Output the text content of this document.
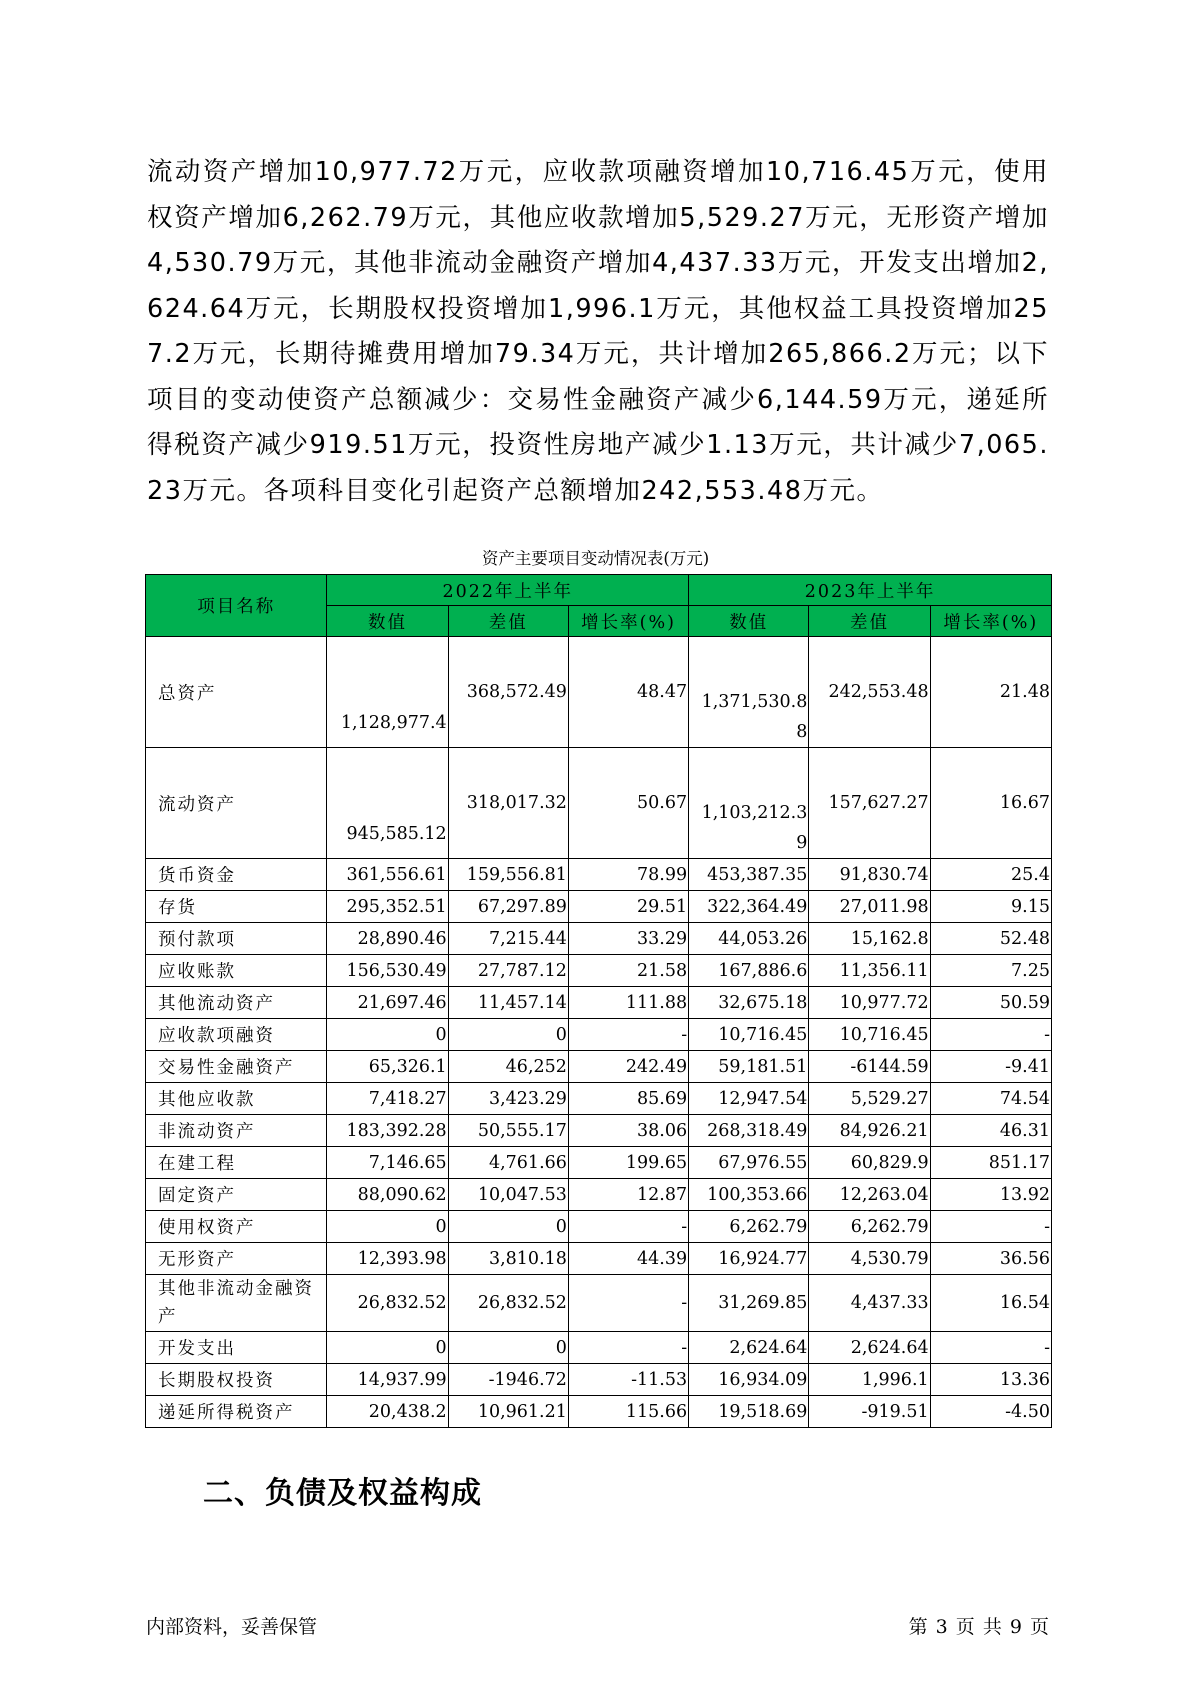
流动资产增加10,977.72万元，应收款项融资增加10,716.45万元，使用权资产增加6,262.79万元，其他应收款增加5,529.27万元，无形资产增加4,530.79万元，其他非流动金融资产增加4,437.33万元，开发支出增加2,624.64万元，长期股权投资增加1,996.1万元，其他权益工具投资增加257.2万元，长期待摊费用增加79.34万元，共计增加265,866.2万元；以下项目的变动使资产总额减少：交易性金融资产减少6,144.59万元，递延所得税资产减少919.51万元，投资性房地产减少1.13万元，共计减少7,065.23万元。各项科目变化引起资产总额增加242,553.48万元。

资产主要项目变动情况表(万元)
项目名称	2022年上半年			2023年上半年		
	数值	差值	增长率(%)	数值	差值	增长率(%)
总资产	1,128,977.4	368,572.49	48.47	1,371,530.88	242,553.48	21.48
流动资产	945,585.12	318,017.32	50.67	1,103,212.39	157,627.27	16.67
货币资金	361,556.61	159,556.81	78.99	453,387.35	91,830.74	25.4
存货	295,352.51	67,297.89	29.51	322,364.49	27,011.98	9.15
预付款项	28,890.46	7,215.44	33.29	44,053.26	15,162.8	52.48
应收账款	156,530.49	27,787.12	21.58	167,886.6	11,356.11	7.25
其他流动资产	21,697.46	11,457.14	111.88	32,675.18	10,977.72	50.59
应收款项融资	0	0	-	10,716.45	10,716.45	-
交易性金融资产	65,326.1	46,252	242.49	59,181.51	-6144.59	-9.41
其他应收款	7,418.27	3,423.29	85.69	12,947.54	5,529.27	74.54
非流动资产	183,392.28	50,555.17	38.06	268,318.49	84,926.21	46.31
在建工程	7,146.65	4,761.66	199.65	67,976.55	60,829.9	851.17
固定资产	88,090.62	10,047.53	12.87	100,353.66	12,263.04	13.92
使用权资产	0	0	-	6,262.79	6,262.79	-
无形资产	12,393.98	3,810.18	44.39	16,924.77	4,530.79	36.56
其他非流动金融资产	26,832.52	26,832.52	-	31,269.85	4,437.33	16.54
开发支出	0	0	-	2,624.64	2,624.64	-
长期股权投资	14,937.99	-1946.72	-11.53	16,934.09	1,996.1	13.36
递延所得税资产	20,438.2	10,961.21	115.66	19,518.69	-919.51	-4.50
二、负债及权益构成
内部资料，妥善保管	第 3 页 共 9 页
